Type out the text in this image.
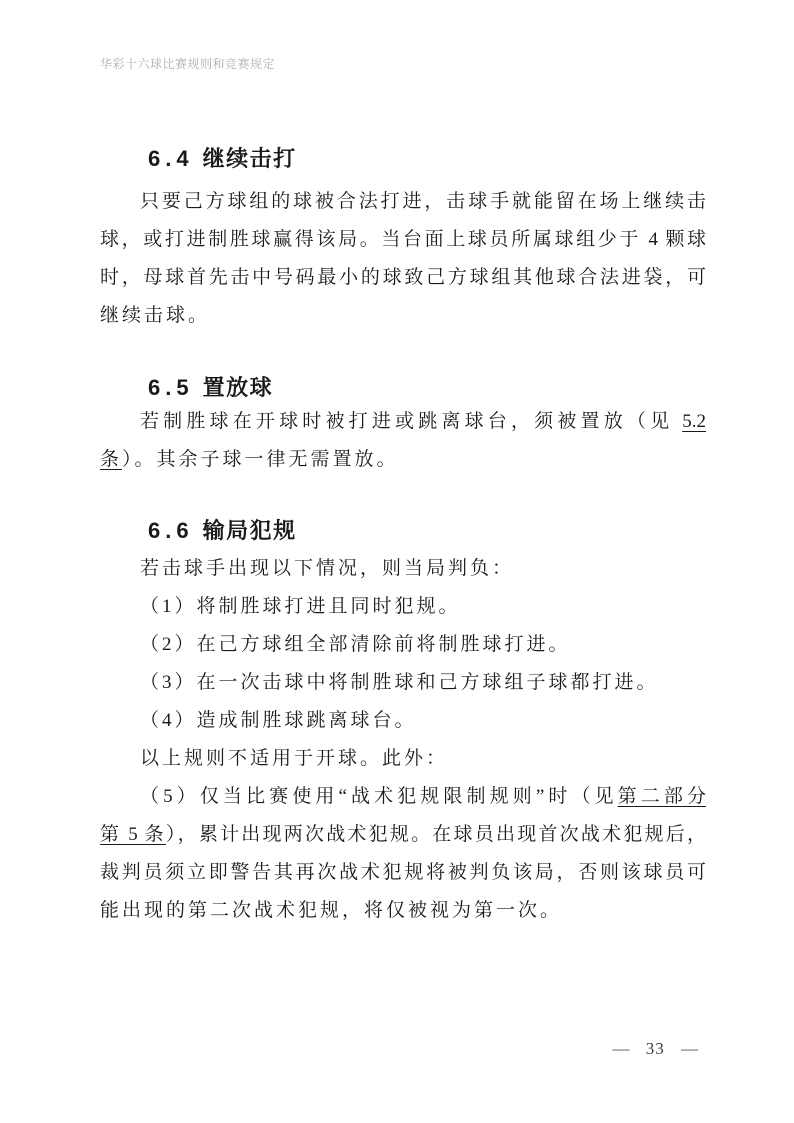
华彩十六球比赛规则和竞赛规定
6.4 继续击打
只要己方球组的球被合法打进，击球手就能留在场上继续击
球，或打进制胜球赢得该局。当台面上球员所属球组少于 4 颗球
时，母球首先击中号码最小的球致己方球组其他球合法进袋，可
继续击球。
6.5 置放球
若制胜球在开球时被打进或跳离球台，须被置放（见 5.2
条）。其余子球一律无需置放。
6.6 输局犯规
若击球手出现以下情况，则当局判负：
（1）将制胜球打进且同时犯规。
（2）在己方球组全部清除前将制胜球打进。
（3）在一次击球中将制胜球和己方球组子球都打进。
（4）造成制胜球跳离球台。
以上规则不适用于开球。此外：
（5）仅当比赛使用“战术犯规限制规则”时（见第二部分
第 5 条），累计出现两次战术犯规。在球员出现首次战术犯规后，
裁判员须立即警告其再次战术犯规将被判负该局，否则该球员可
能出现的第二次战术犯规，将仅被视为第一次。
— 33 —
